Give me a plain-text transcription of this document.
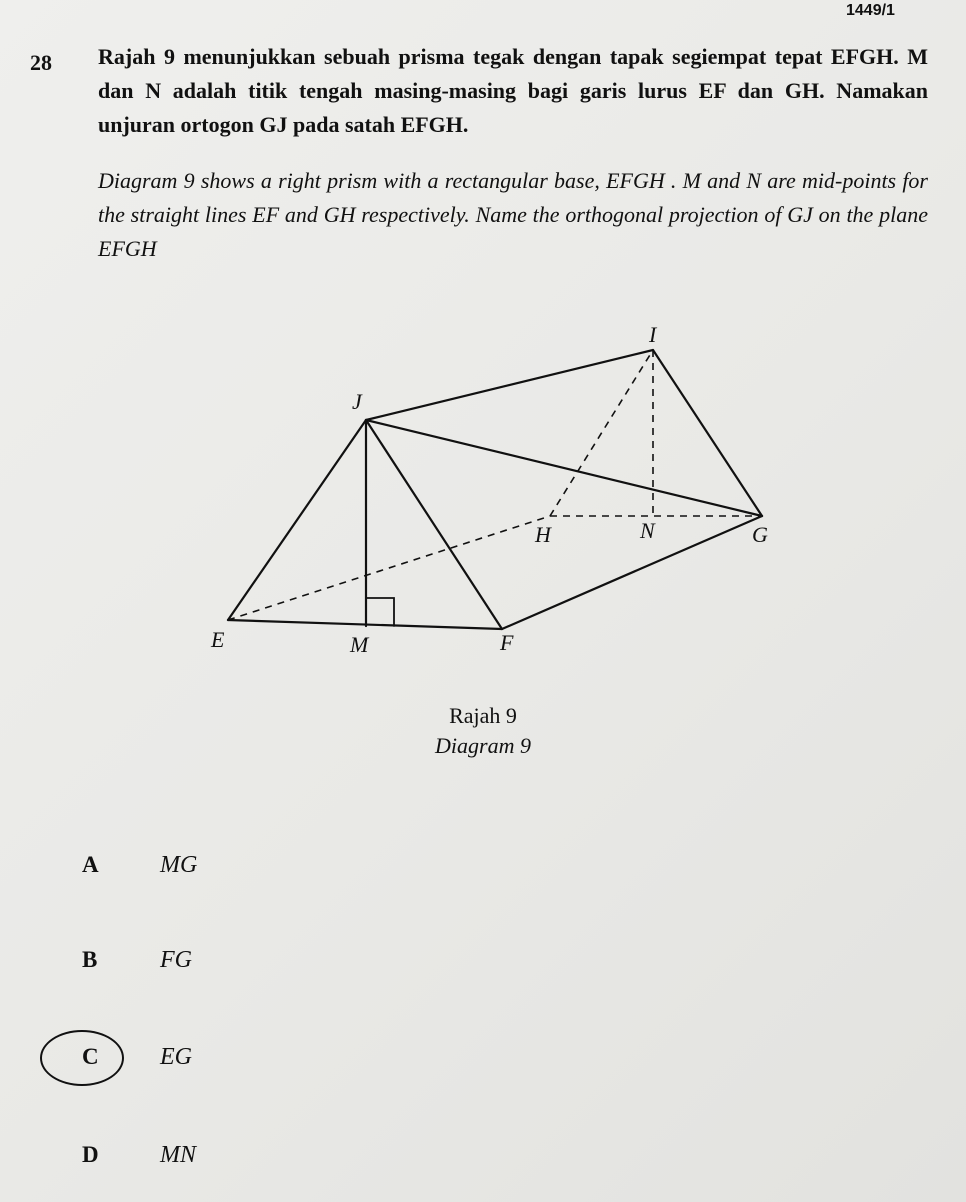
1449/1
28 Rajah 9 menunjukkan sebuah prisma tegak dengan tapak segiempat tepat EFGH. M dan N adalah titik tengah masing-masing bagi garis lurus EF dan GH. Namakan unjuran ortogon GJ pada satah EFGH.
Diagram 9 shows a right prism with a rectangular base, EFGH . M and N are mid-points for the straight lines EF and GH respectively. Name the orthogonal projection of GJ on the plane EFGH
I
J
H	N	G
E	M	F
Rajah 9
Diagram 9
A	MG
B	FG
C	EG
D	MN
